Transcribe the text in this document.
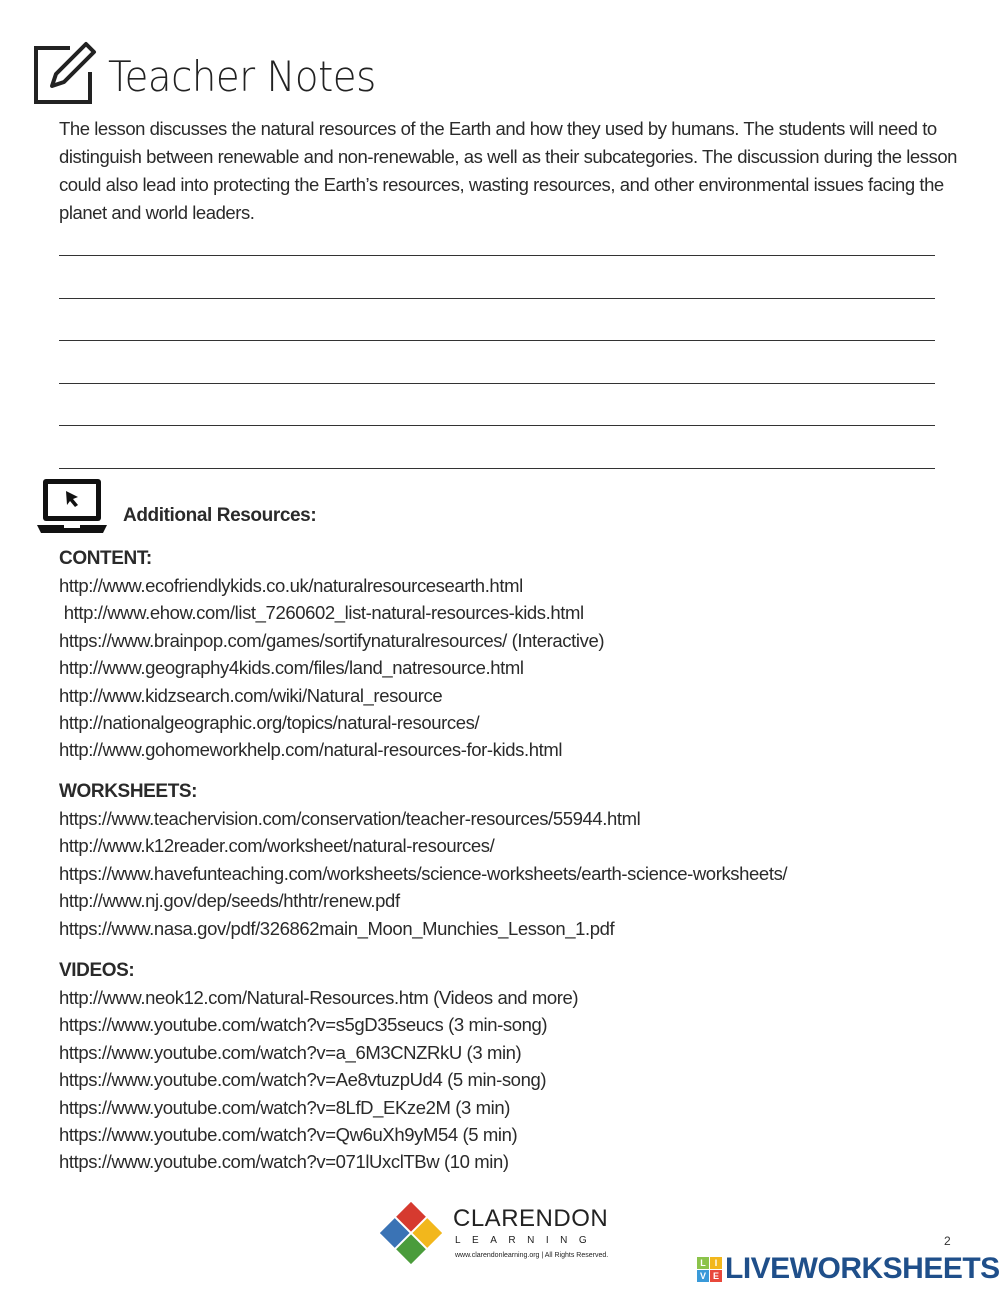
Teacher Notes

The lesson discusses the natural resources of the Earth and how they used by humans. The students will need to distinguish between renewable and non-renewable, as well as their subcategories. The discussion during the lesson could also lead into protecting the Earth’s resources, wasting resources, and other environmental issues facing the planet and world leaders.

Additional Resources:
CONTENT:
http://www.ecofriendlykids.co.uk/naturalresourcesearth.html
http://www.ehow.com/list_7260602_list-natural-resources-kids.html
https://www.brainpop.com/games/sortifynaturalresources/ (Interactive)
http://www.geography4kids.com/files/land_natresource.html
http://www.kidzsearch.com/wiki/Natural_resource
http://nationalgeographic.org/topics/natural-resources/
http://www.gohomeworkhelp.com/natural-resources-for-kids.html
WORKSHEETS:
https://www.teachervision.com/conservation/teacher-resources/55944.html
http://www.k12reader.com/worksheet/natural-resources/
https://www.havefunteaching.com/worksheets/science-worksheets/earth-science-worksheets/
http://www.nj.gov/dep/seeds/hthtr/renew.pdf
https://www.nasa.gov/pdf/326862main_Moon_Munchies_Lesson_1.pdf
VIDEOS:
http://www.neok12.com/Natural-Resources.htm (Videos and more)
https://www.youtube.com/watch?v=s5gD35seucs (3 min-song)
https://www.youtube.com/watch?v=a_6M3CNZRkU (3 min)
https://www.youtube.com/watch?v=Ae8vtuzpUd4 (5 min-song)
https://www.youtube.com/watch?v=8LfD_EKze2M (3 min)
https://www.youtube.com/watch?v=Qw6uXh9yM54 (5 min)
https://www.youtube.com/watch?v=071lUxclTBw (10 min)
CLARENDON
LEARNING
www.clarendonlearning.org | All Rights Reserved.
2
L I
V E LIVEWORKSHEETS
